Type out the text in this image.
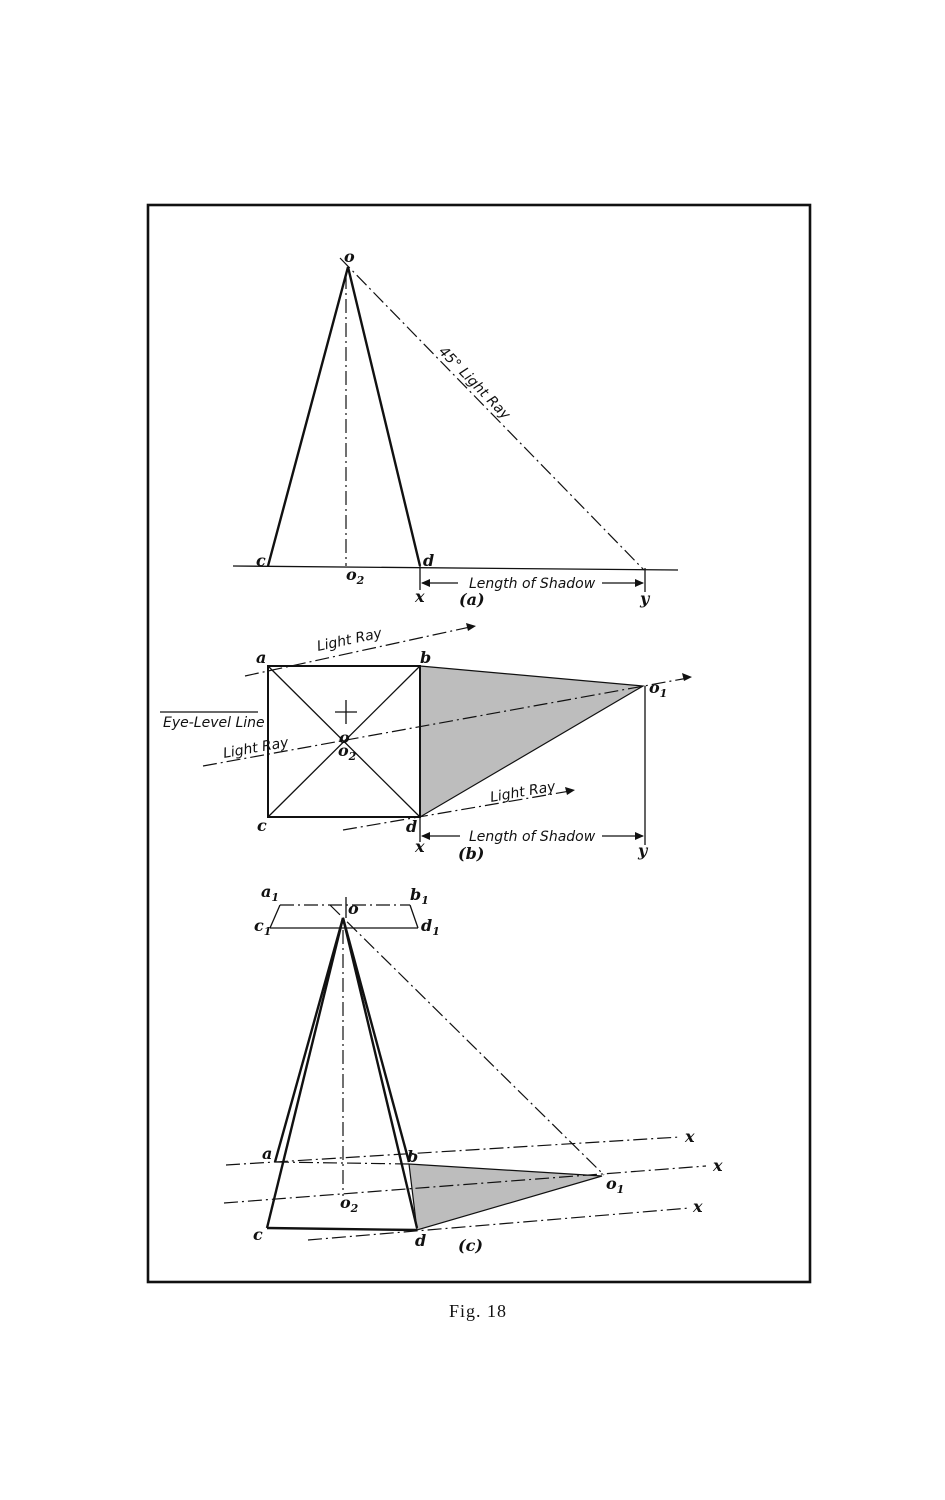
o
c	d
$o_2$
x	y
45° Light Ray
Length of Shadow
(a)
a	b
c	d
o
$o_2$
$o_1$
x	y
Light Ray
Light Ray
Light Ray
Eye-Level Line
Length of Shadow
(b)
$a_1$	$b_1$
$c_1$	$d_1$
o
a	b
c	d
$o_2$
$o_1$
x
x
x
(c)
Fig. 18
